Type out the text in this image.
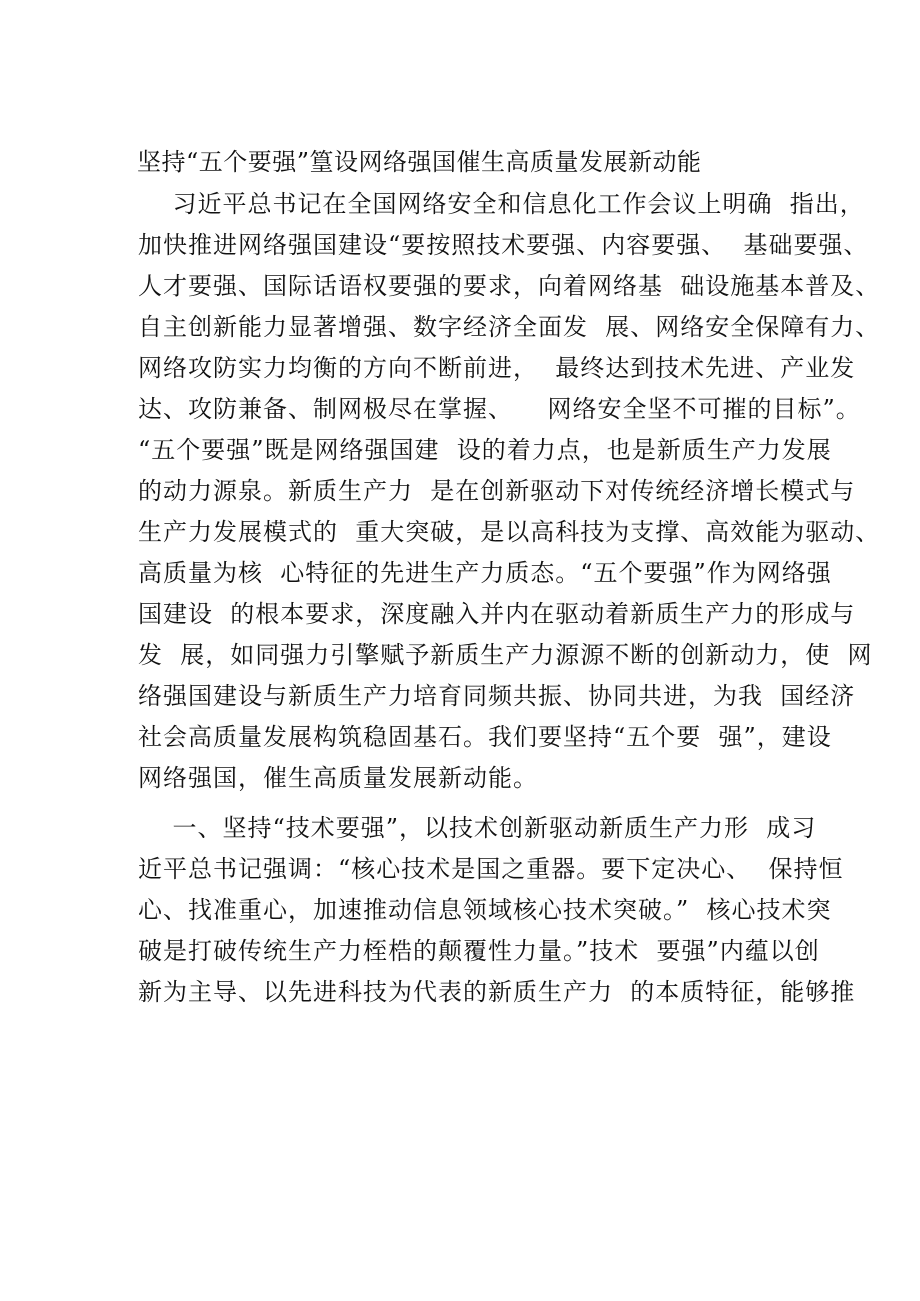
坚持“五个要强”篁设网络强国催生高质量发展新动能
习近平总书记在全国网络安全和信息化工作会议上明确  指出，
加快推进网络强国建设“要按照技术要强、内容要强、  基础要强、
人才要强、国际话语权要强的要求，向着网络基  础设施基本普及、
自主创新能力显著增强、数字经济全面发  展、网络安全保障有力、
网络攻防实力均衡的方向不断前进，  最终达到技术先进、产业发
达、攻防兼备、制网极尽在掌握、    网络安全坚不可摧的目标”。
“五个要强”既是网络强国建  设的着力点，也是新质生产力发展
的动力源泉。新质生产力  是在创新驱动下对传统经济增长模式与
生产力发展模式的  重大突破，是以高科技为支撑、高效能为驱动、
高质量为核  心特征的先进生产力质态。“五个要强”作为网络强
国建设  的根本要求，深度融入并内在驱动着新质生产力的形成与
发  展，如同强力引擎赋予新质生产力源源不断的创新动力，使  网
络强国建设与新质生产力培育同频共振、协同共进，为我  国经济
社会高质量发展构筑稳固基石。我们要坚持“五个要  强”，建设
网络强国，催生高质量发展新动能。
一、坚持“技术要强”，以技术创新驱动新质生产力形  成习
近平总书记强调：“核心技术是国之重器。要下定决心、  保持恒
心、找准重心，加速推动信息领域核心技术突破。”  核心技术突
破是打破传统生产力桎梏的颠覆性力量。”技术  要强”内蕴以创
新为主导、以先进科技为代表的新质生产力  的本质特征，能够推
